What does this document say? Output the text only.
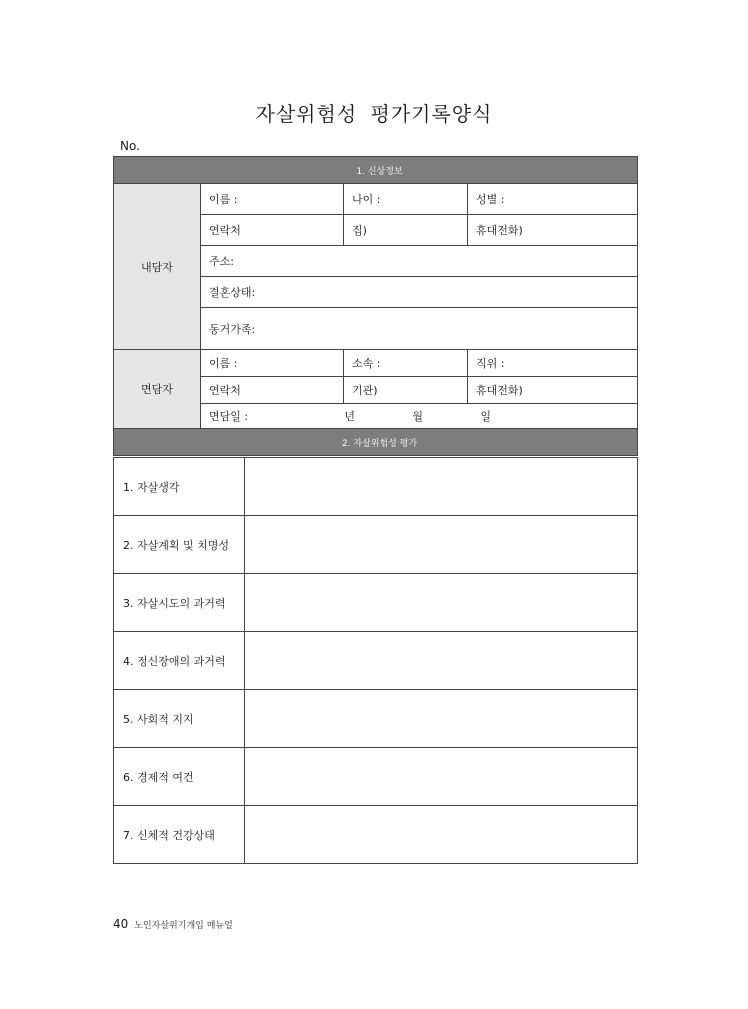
자살위험성 평가기록양식
No.
1. 신상정보			
내담자	이름 :	나이 :	성별 :
	연락처	집)	휴대전화)
	주소:		
	결혼상태:		
	동거가족:		
면담자	이름 :	소속 :	직위 :
	연락처	기관)	휴대전화)
	면담일 : 년 월 일		
2. 자살위험성 평가			
1. 자살생각	
2. 자살계획 및 치명성	
3. 자살시도의 과거력	
4. 정신장애의 과거력	
5. 사회적 지지	
6. 경제적 여건	
7. 신체적 건강상태	
40 노인자살위기개입 매뉴얼
